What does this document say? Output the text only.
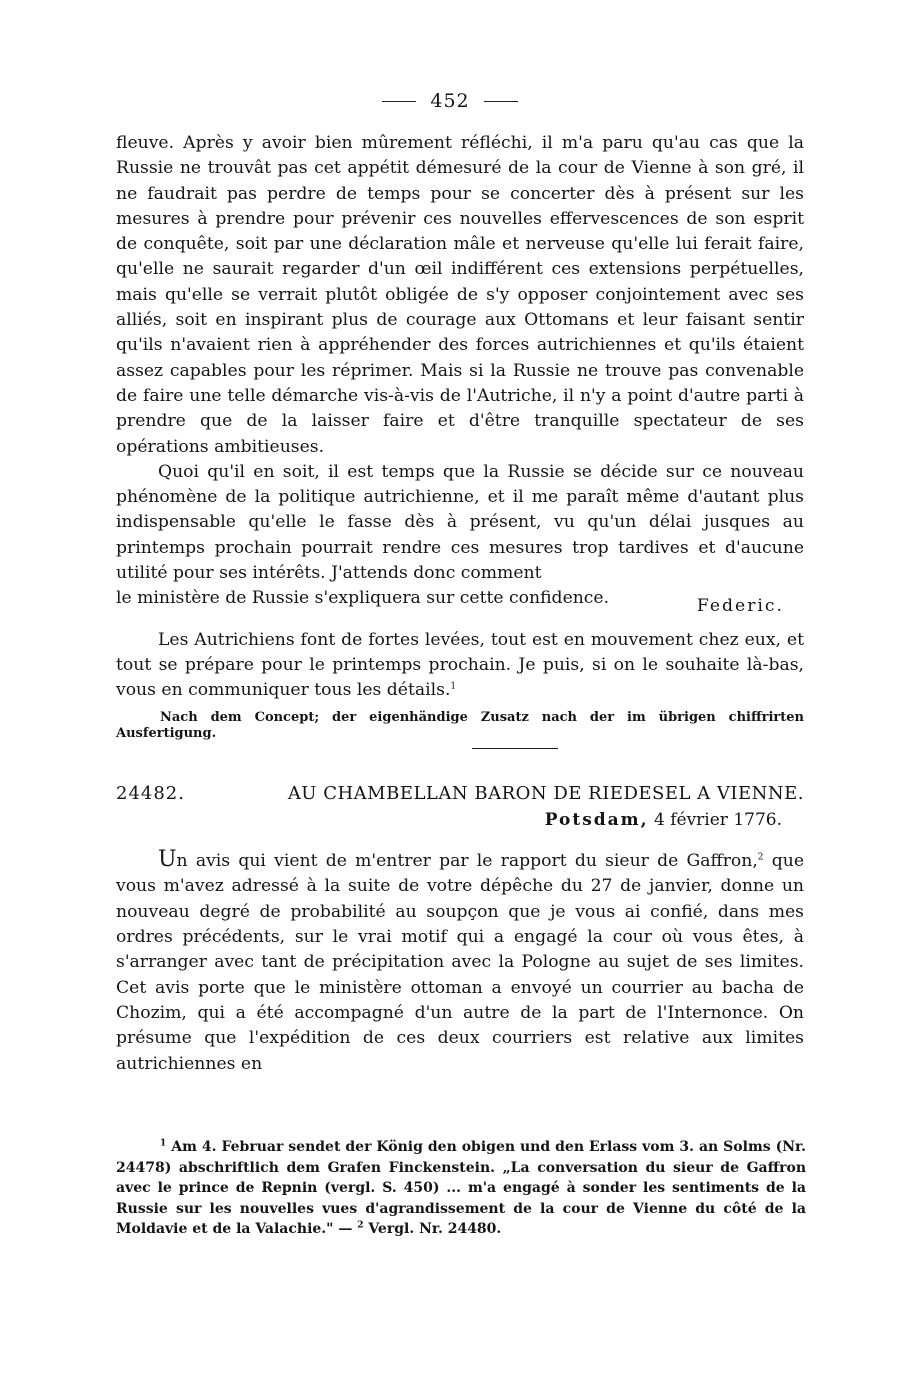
452

fleuve. Après y avoir bien mûrement réfléchi, il m'a paru qu'au cas que la Russie ne trouvât pas cet appétit démesuré de la cour de Vienne à son gré, il ne faudrait pas perdre de temps pour se concerter dès à présent sur les mesures à prendre pour prévenir ces nouvelles effervescences de son esprit de conquête, soit par une déclaration mâle et nerveuse qu'elle lui ferait faire, qu'elle ne saurait regarder d'un œil indifférent ces extensions perpétuelles, mais qu'elle se verrait plutôt obligée de s'y opposer conjointement avec ses alliés, soit en inspirant plus de courage aux Ottomans et leur faisant sentir qu'ils n'avaient rien à appréhender des forces autrichiennes et qu'ils étaient assez capables pour les réprimer. Mais si la Russie ne trouve pas convenable de faire une telle démarche vis-à-vis de l'Autriche, il n'y a point d'autre parti à prendre que de la laisser faire et d'être tranquille spectateur de ses opérations ambitieuses.

Quoi qu'il en soit, il est temps que la Russie se décide sur ce nouveau phénomène de la politique autrichienne, et il me paraît même d'autant plus indispensable qu'elle le fasse dès à présent, vu qu'un délai jusques au printemps prochain pourrait rendre ces mesures trop tardives et d'aucune utilité pour ses intérêts. J'attends donc comment

le ministère de Russie s'expliquera sur cette confidence.	Federic.

Les Autrichiens font de fortes levées, tout est en mouvement chez eux, et tout se prépare pour le printemps prochain. Je puis, si on le souhaite là-bas, vous en communiquer tous les détails.$^1$

Nach dem Concept; der eigenhändige Zusatz nach der im übrigen chiffrirten Ausfertigung.

24482.	AU CHAMBELLAN BARON DE RIEDESEL A VIENNE.
Potsdam, 4 février 1776.

Un avis qui vient de m'entrer par le rapport du sieur de Gaffron,$^2$ que vous m'avez adressé à la suite de votre dépêche du 27 de janvier, donne un nouveau degré de probabilité au soupçon que je vous ai confié, dans mes ordres précédents, sur le vrai motif qui a engagé la cour où vous êtes, à s'arranger avec tant de précipitation avec la Pologne au sujet de ses limites. Cet avis porte que le ministère ottoman a envoyé un courrier au bacha de Chozim, qui a été accompagné d'un autre de la part de l'Internonce. On présume que l'expédition de ces deux courriers est relative aux limites autrichiennes en

$^1$ Am 4. Februar sendet der König den obigen und den Erlass vom 3. an Solms (Nr. 24478) abschriftlich dem Grafen Finckenstein. „La conversation du sieur de Gaffron avec le prince de Repnin (vergl. S. 450) ... m'a engagé à sonder les sentiments de la Russie sur les nouvelles vues d'agrandissement de la cour de Vienne du côté de la Moldavie et de la Valachie." — $^2$ Vergl. Nr. 24480.
